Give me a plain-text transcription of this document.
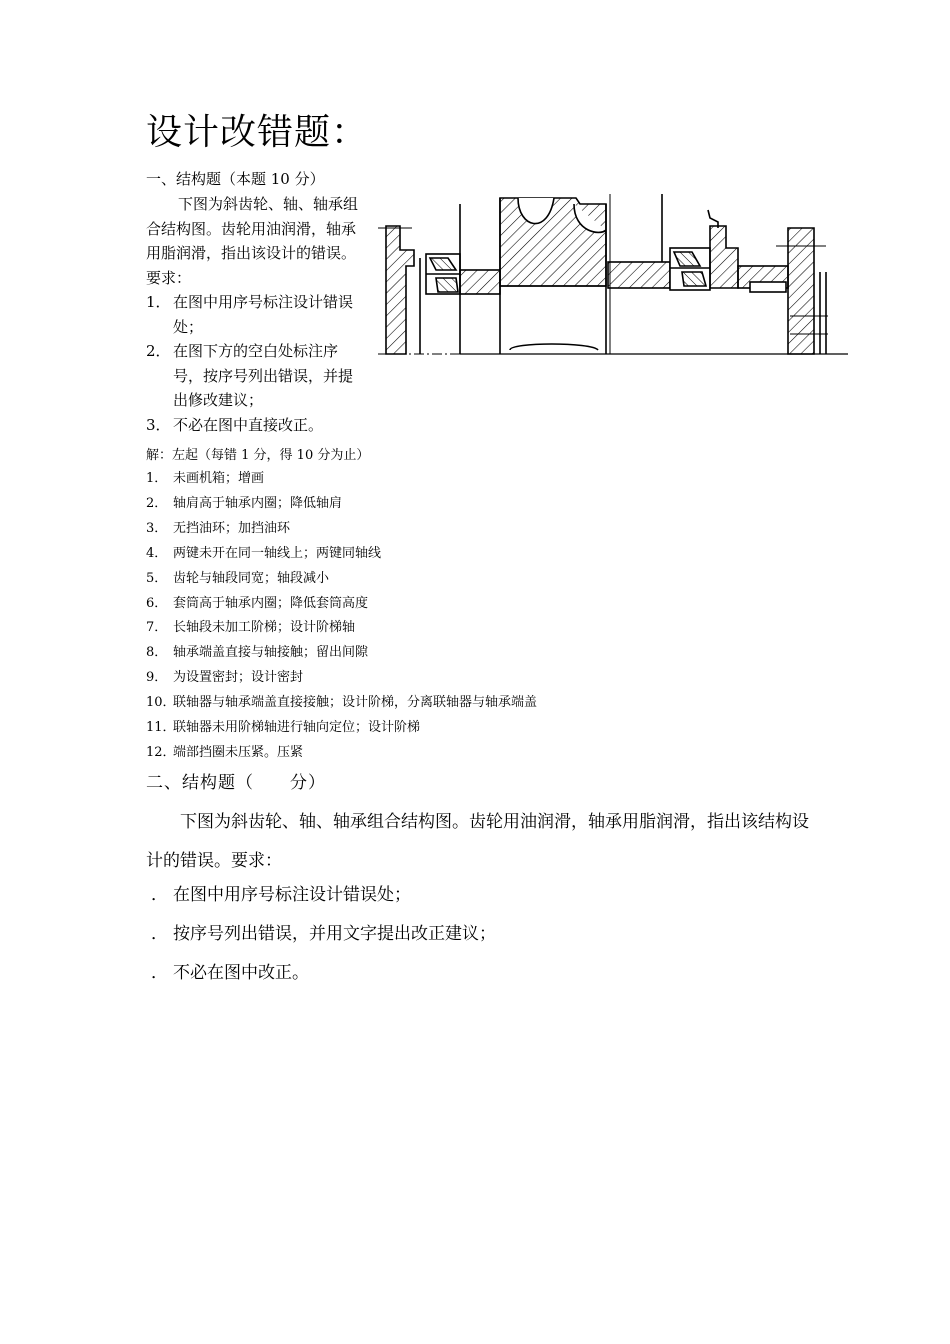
设计改错题：
一、结构题（本题 10 分）
下图为斜齿轮、轴、轴承组合结构图。齿轮用油润滑，轴承用脂润滑，指出该设计的错误。要求：
1． 在图中用序号标注设计错误处；
2． 在图下方的空白处标注序号，按序号列出错误，并提出修改建议；
3． 不必在图中直接改正。
解：左起（每错 1 分，得 10 分为止）
1． 未画机箱；增画
2． 轴肩高于轴承内圈；降低轴肩
3． 无挡油环；加挡油环
4． 两键未开在同一轴线上；两键同轴线
5． 齿轮与轴段同宽；轴段减小
6． 套筒高于轴承内圈；降低套筒高度
7． 长轴段未加工阶梯；设计阶梯轴
8． 轴承端盖直接与轴接触；留出间隙
9． 为设置密封；设计密封
10．
联轴器与轴承端盖直接接触；设计阶梯，分离联轴器与轴承端盖
11．
联轴器未用阶梯轴进行轴向定位；设计阶梯
12．
端部挡圈未压紧。压紧
二、结构题（　　分）
下图为斜齿轮、轴、轴承组合结构图。齿轮用油润滑，轴承用脂润滑，指出该结构设计的错误。要求：
． 在图中用序号标注设计错误处；
． 按序号列出错误，并用文字提出改正建议；
． 不必在图中改正。
